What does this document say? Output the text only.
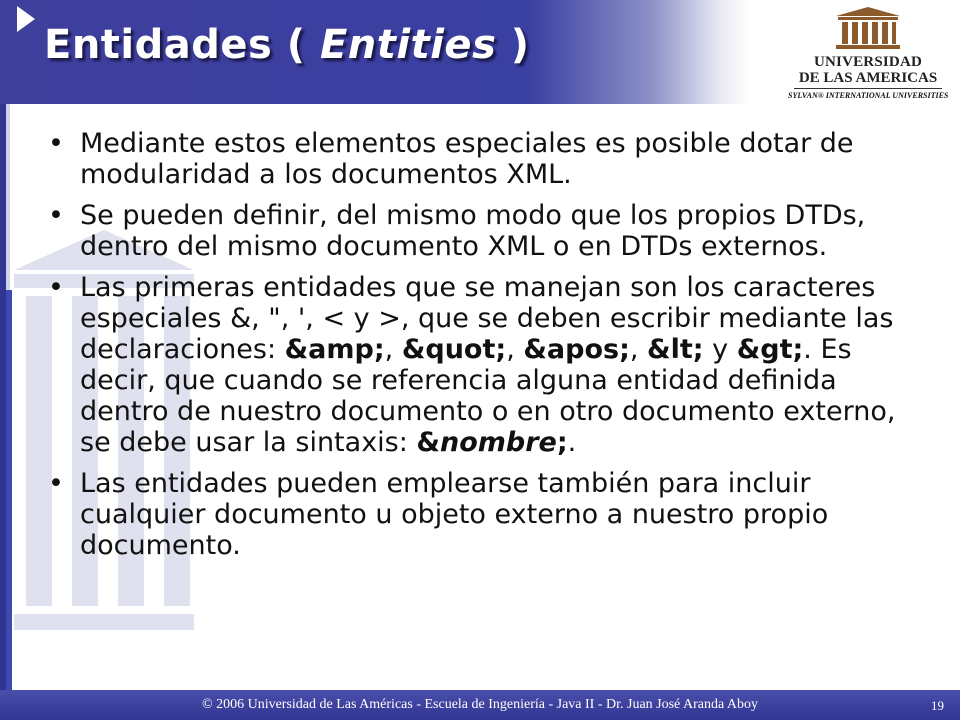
Entidades ( Entities )	UNIVERSIDAD
DE LAS AMERICAS
SYLVAN® INTERNATIONAL UNIVERSITIES
• Mediante estos elementos especiales es posible dotar de modularidad a los documentos XML.
• Se pueden definir, del mismo modo que los propios DTDs, dentro del mismo documento XML o en DTDs externos.
• Las primeras entidades que se manejan son los caracteres especiales &, ", ', < y >, que se deben escribir mediante las declaraciones: &amp;, &quot;, &apos;, &lt; y &gt;. Es decir, que cuando se referencia alguna entidad definida dentro de nuestro documento o en otro documento externo, se debe usar la sintaxis: &nombre;.
• Las entidades pueden emplearse también para incluir cualquier documento u objeto externo a nuestro propio documento.
© 2006 Universidad de Las Américas - Escuela de Ingeniería - Java II - Dr. Juan José Aranda Aboy	19
